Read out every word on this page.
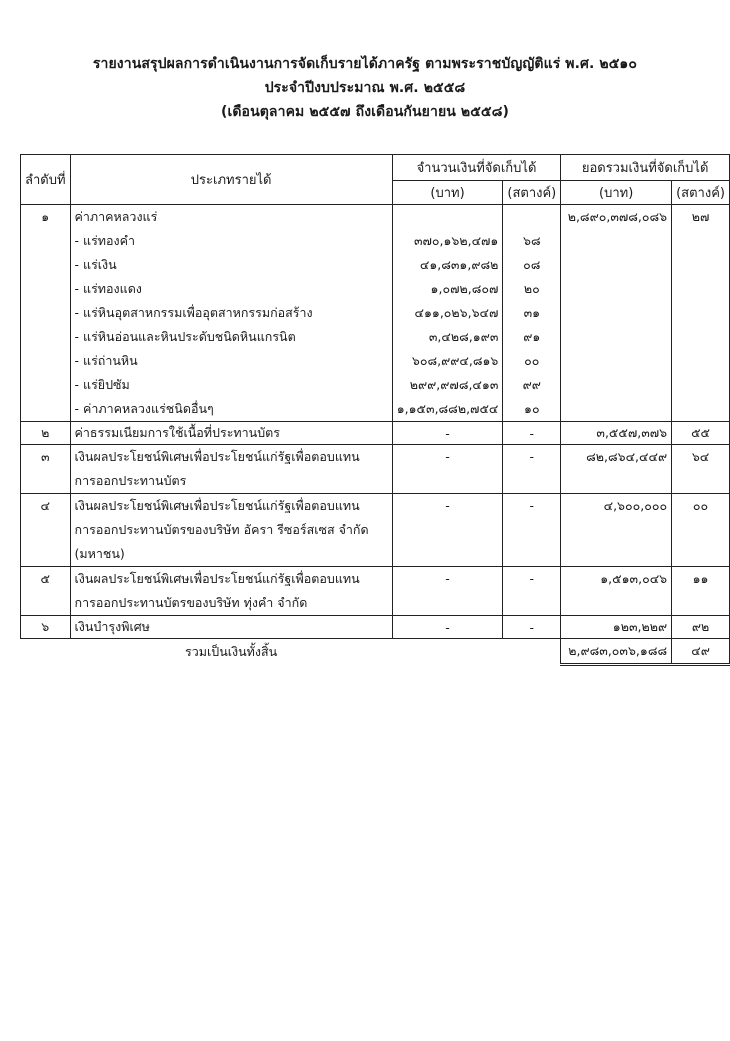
รายงานสรุปผลการดำเนินงานการจัดเก็บรายได้ภาครัฐ ตามพระราชบัญญัติแร่ พ.ศ. ๒๕๑๐
ประจำปีงบประมาณ พ.ศ. ๒๕๕๘
(เดือนตุลาคม ๒๕๕๗ ถึงเดือนกันยายน ๒๕๕๘)
ลำดับที่	ประเภทรายได้	จำนวนเงินที่จัดเก็บได้		ยอดรวมเงินที่จัดเก็บได้	
		(บาท)	(สตางค์)	(บาท)	(สตางค์)
๑	ค่าภาคหลวงแร่			๒,๘๙๐,๓๗๘,๐๘๖	๒๗
	- แร่ทองคำ	๓๗๐,๑๖๒,๔๗๑	๖๘		
	- แร่เงิน	๔๑,๘๓๑,๙๘๒	๐๘		
	- แร่ทองแดง	๑,๐๗๒,๘๐๗	๒๐		
	- แร่หินอุตสาหกรรมเพื่ออุตสาหกรรมก่อสร้าง	๔๑๑,๐๒๖,๖๔๗	๓๑		
	- แร่หินอ่อนและหินประดับชนิดหินแกรนิต	๓,๔๒๘,๑๙๓	๙๑		
	- แร่ถ่านหิน	๖๐๘,๙๙๔,๘๑๖	๐๐		
	- แร่ยิปซัม	๒๙๙,๙๗๘,๔๑๓	๙๙		
	- ค่าภาคหลวงแร่ชนิดอื่นๆ	๑,๑๕๓,๘๘๒,๗๕๔	๑๐		
๒	ค่าธรรมเนียมการใช้เนื้อที่ประทานบัตร	-	-	๓,๕๕๗,๓๗๖	๕๕
๓	เงินผลประโยชน์พิเศษเพื่อประโยชน์แก่รัฐเพื่อตอบแทน
การออกประทานบัตร	-	-	๘๒,๘๖๔,๔๔๙	๖๔
๔	เงินผลประโยชน์พิเศษเพื่อประโยชน์แก่รัฐเพื่อตอบแทน
การออกประทานบัตรของบริษัท อัครา รีซอร์สเซส จำกัด
(มหาชน)	-	-	๔,๖๐๐,๐๐๐	๐๐
๕	เงินผลประโยชน์พิเศษเพื่อประโยชน์แก่รัฐเพื่อตอบแทน
การออกประทานบัตรของบริษัท ทุ่งคำ จำกัด	-	-	๑,๕๑๓,๐๔๖	๑๑
๖	เงินบำรุงพิเศษ	-	-	๑๒๓,๒๒๙	๙๒
	รวมเป็นเงินทั้งสิ้น			๒,๙๘๓,๐๓๖,๑๘๘	๔๙
